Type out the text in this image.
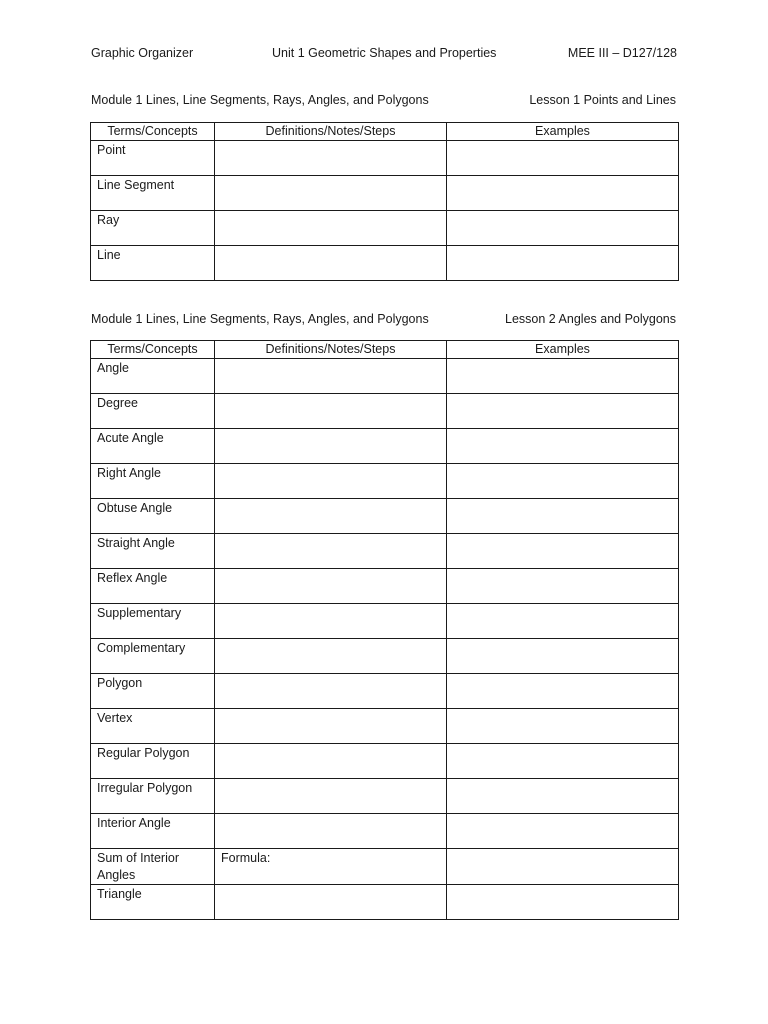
Graphic Organizer	Unit 1 Geometric Shapes and Properties	MEE III – D127/128
Module 1 Lines, Line Segments, Rays, Angles, and Polygons	Lesson 1 Points and Lines
Terms/Concepts	Definitions/Notes/Steps	Examples

Point		

Line Segment		

Ray		

Line		

Module 1 Lines, Line Segments, Rays, Angles, and Polygons	Lesson 2 Angles and Polygons
Terms/Concepts	Definitions/Notes/Steps	Examples

Angle		

Degree		

Acute Angle		

Right Angle		

Obtuse Angle		

Straight Angle		

Reflex Angle		

Supplementary		

Complementary		

Polygon		

Vertex		

Regular Polygon		

Irregular Polygon		

Interior Angle		

Sum of Interior Angles	Formula:	

Triangle		
